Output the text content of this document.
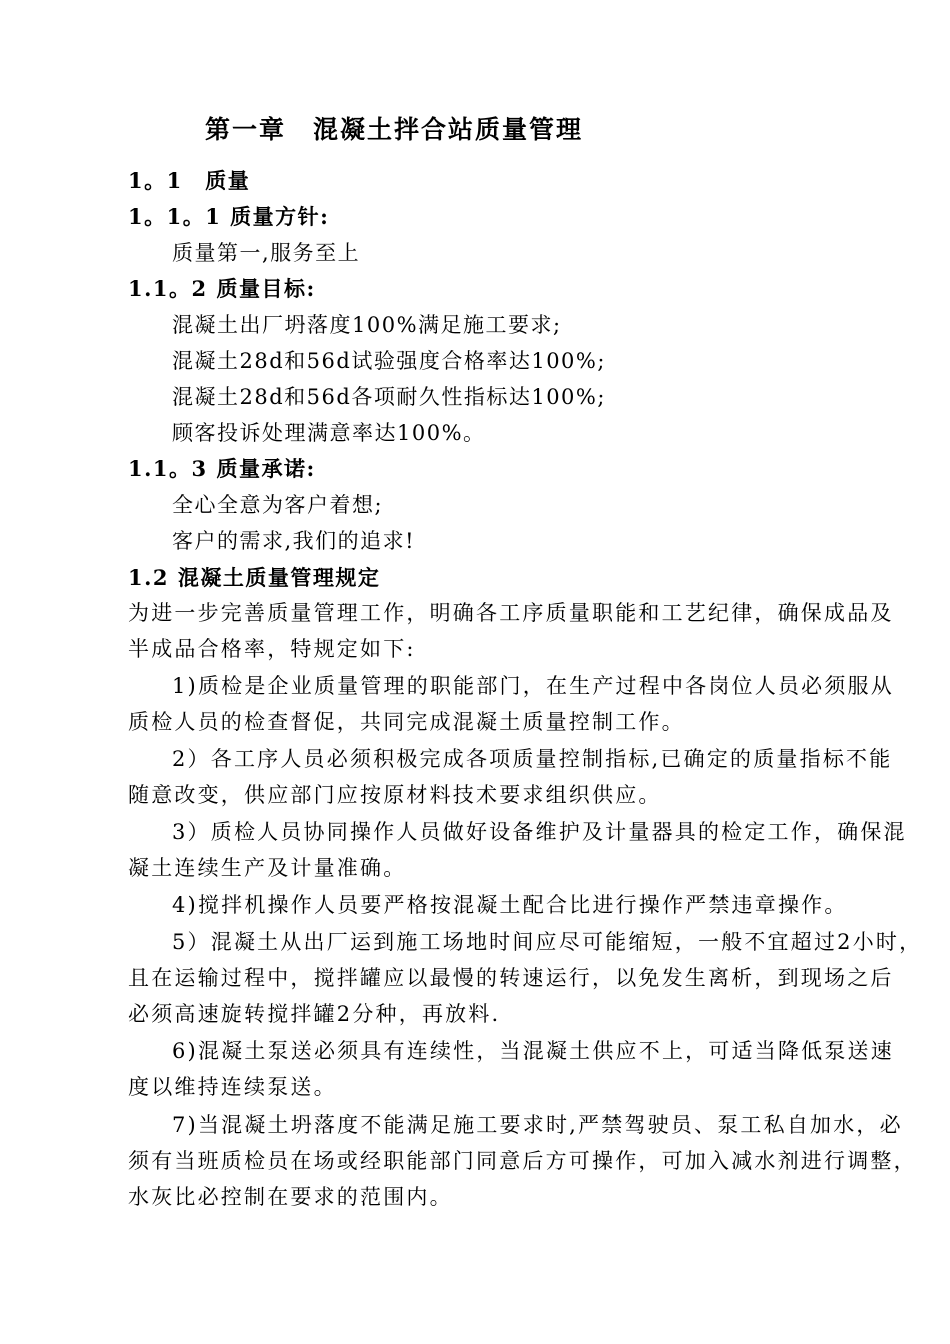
第一章　混凝土拌合站质量管理
1。1　质量
1。1。1 质量方针:
质量第一,服务至上
1.1。2 质量目标:
混凝土出厂坍落度100%满足施工要求;
混凝土28d和56d试验强度合格率达100%;
混凝土28d和56d各项耐久性指标达100%;
顾客投诉处理满意率达100%。
1.1。3 质量承诺:
全心全意为客户着想;
客户的需求,我们的追求!
1.2 混凝土质量管理规定
为进一步完善质量管理工作，明确各工序质量职能和工艺纪律，确保成品及
半成品合格率，特规定如下:
1)质检是企业质量管理的职能部门，在生产过程中各岗位人员必须服从
质检人员的检查督促，共同完成混凝土质量控制工作。
2）各工序人员必须积极完成各项质量控制指标,已确定的质量指标不能
随意改变，供应部门应按原材料技术要求组织供应。
3）质检人员协同操作人员做好设备维护及计量器具的检定工作，确保混
凝土连续生产及计量准确。
4)搅拌机操作人员要严格按混凝土配合比进行操作严禁违章操作。
5）混凝土从出厂运到施工场地时间应尽可能缩短，一般不宜超过2小时，
且在运输过程中，搅拌罐应以最慢的转速运行，以免发生离析，到现场之后
必须高速旋转搅拌罐2分种，再放料.
6)混凝土泵送必须具有连续性，当混凝土供应不上，可适当降低泵送速
度以维持连续泵送。
7)当混凝土坍落度不能满足施工要求时,严禁驾驶员、泵工私自加水，必
须有当班质检员在场或经职能部门同意后方可操作，可加入减水剂进行调整，
水灰比必控制在要求的范围内。
